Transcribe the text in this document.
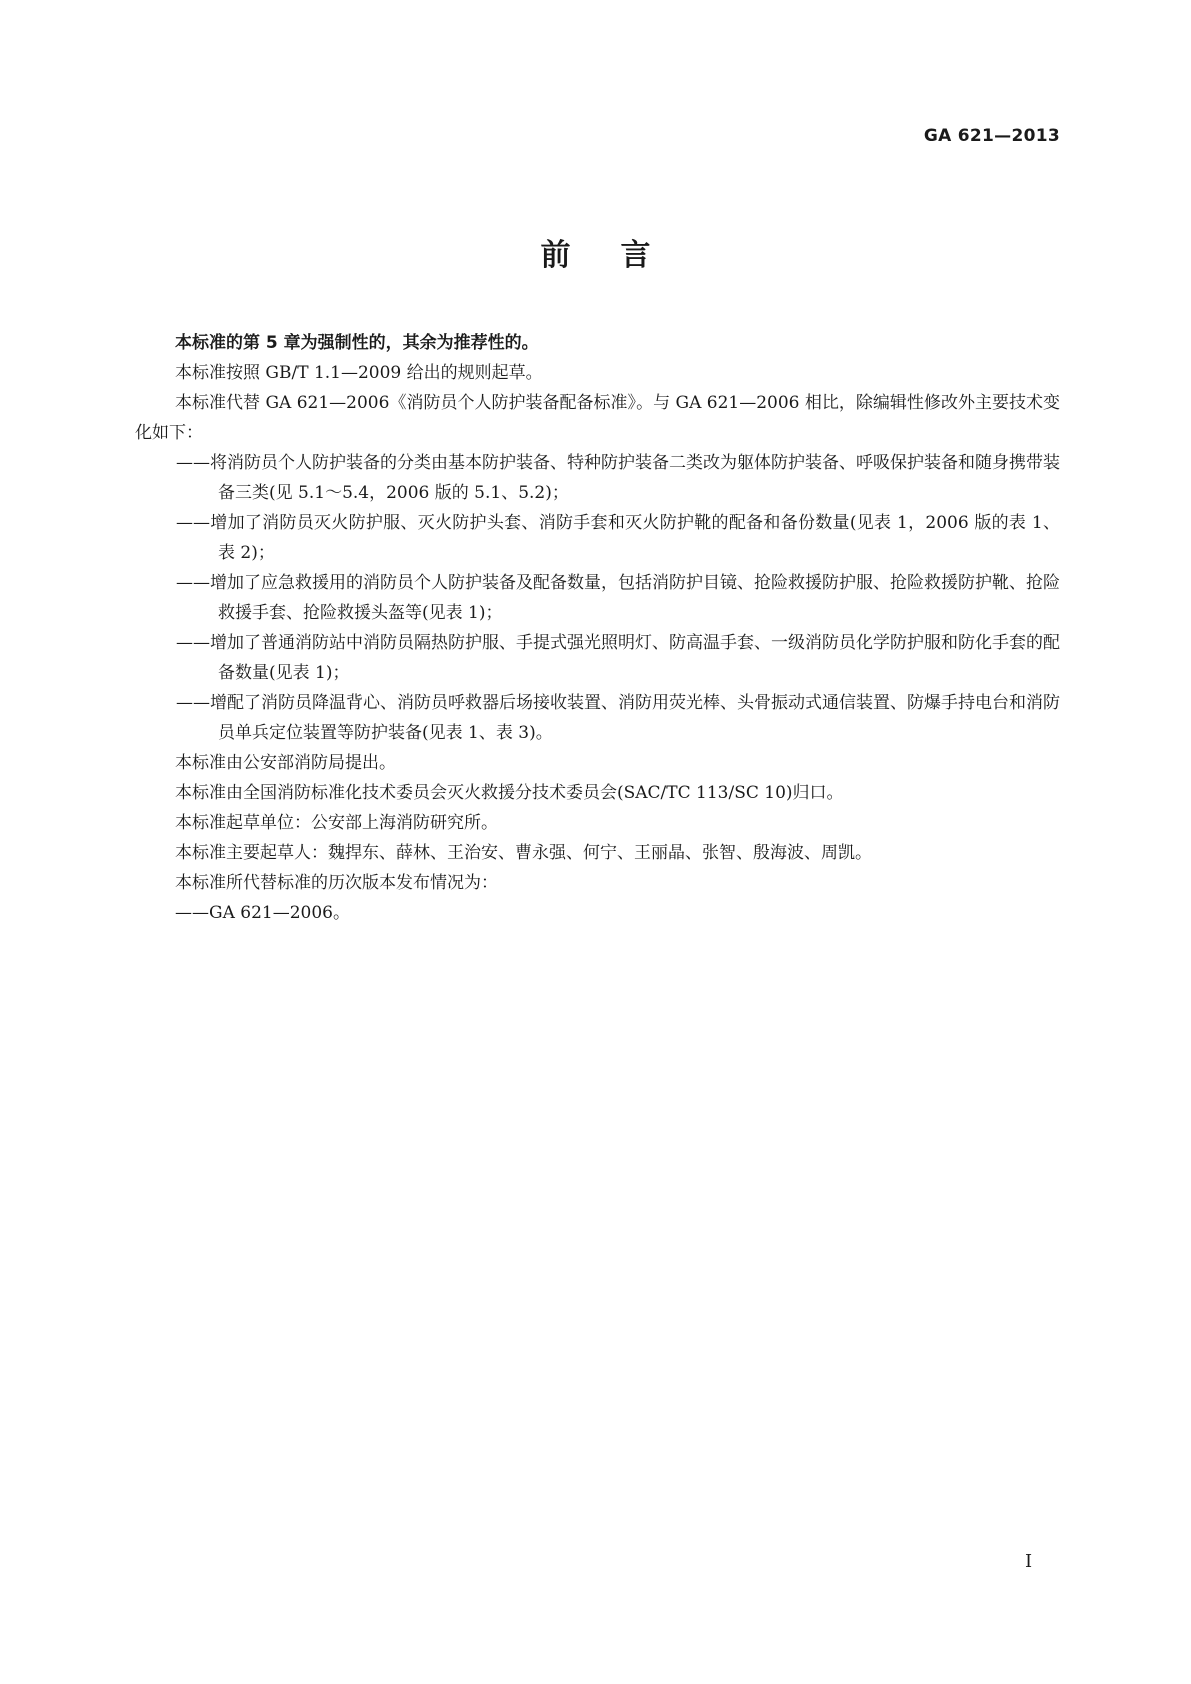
GA 621—2013
前言

本标准的第 5 章为强制性的，其余为推荐性的。

本标准按照 GB/T 1.1—2009 给出的规则起草。

本标准代替 GA 621—2006《消防员个人防护装备配备标准》。与 GA 621—2006 相比，除编辑性修改外主要技术变化如下：

——将消防员个人防护装备的分类由基本防护装备、特种防护装备二类改为躯体防护装备、呼吸保护装备和随身携带装备三类(见 5.1～5.4，2006 版的 5.1、5.2)；

——增加了消防员灭火防护服、灭火防护头套、消防手套和灭火防护靴的配备和备份数量(见表 1，2006 版的表 1、表 2)；

——增加了应急救援用的消防员个人防护装备及配备数量，包括消防护目镜、抢险救援防护服、抢险救援防护靴、抢险救援手套、抢险救援头盔等(见表 1)；

——增加了普通消防站中消防员隔热防护服、手提式强光照明灯、防高温手套、一级消防员化学防护服和防化手套的配备数量(见表 1)；

——增配了消防员降温背心、消防员呼救器后场接收装置、消防用荧光棒、头骨振动式通信装置、防爆手持电台和消防员单兵定位装置等防护装备(见表 1、表 3)。

本标准由公安部消防局提出。

本标准由全国消防标准化技术委员会灭火救援分技术委员会(SAC/TC 113/SC 10)归口。

本标准起草单位：公安部上海消防研究所。

本标准主要起草人：魏捍东、薛林、王治安、曹永强、何宁、王丽晶、张智、殷海波、周凯。

本标准所代替标准的历次版本发布情况为：

——GA 621—2006。

I
